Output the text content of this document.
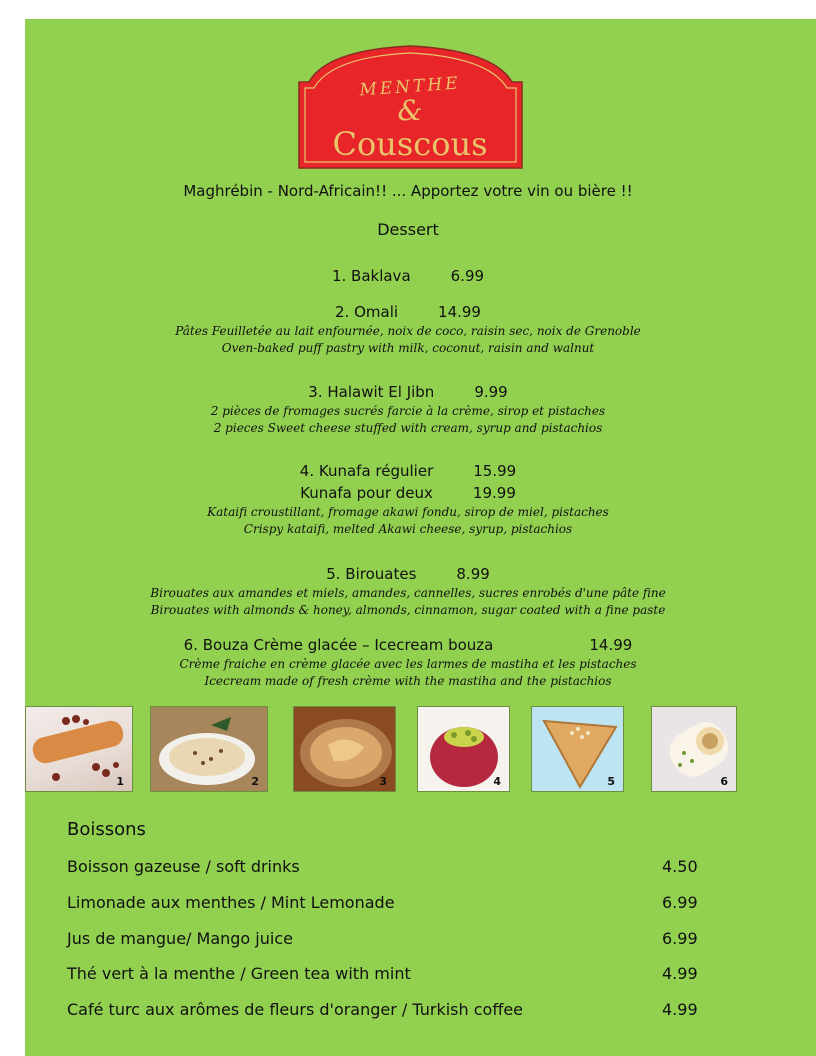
MENTHE
&
Couscous
Maghrébin - Nord-Africain!! ... Apportez votre vin ou bière !!
Dessert
1. Baklava	6.99
2. Omali	14.99
Pâtes Feuilletée au lait enfournée, noix de coco, raisin sec, noix de Grenoble
Oven-baked puff pastry with milk, coconut, raisin and walnut
3. Halawit El Jibn	9.99
2 pièces de fromages sucrés farcie à la crème, sirop et pistaches
2 pieces Sweet cheese stuffed with cream, syrup and pistachios
4. Kunafa régulier	15.99
Kunafa pour deux	19.99
Kataifi croustillant, fromage akawi fondu, sirop de miel, pistaches
Crispy kataifi, melted Akawi cheese, syrup, pistachios
5. Birouates	8.99
Birouates aux amandes et miels, amandes, cannelles, sucres enrobés d'une pâte fine
Birouates with almonds & honey, almonds, cinnamon, sugar coated with a fine paste
6. Bouza Crème glacée – Icecream bouza	14.99
Crème fraiche en crème glacée avec les larmes de mastiha et les pistaches
Icecream made of fresh crème with the mastiha and the pistachios
1	2	3	4	5	6
Boissons
Boisson gazeuse / soft drinks	4.50
Limonade aux menthes / Mint Lemonade	6.99
Jus de mangue/ Mango juice	6.99
Thé vert à la menthe / Green tea with mint	4.99
Café turc aux arômes de fleurs d'oranger / Turkish coffee	4.99
